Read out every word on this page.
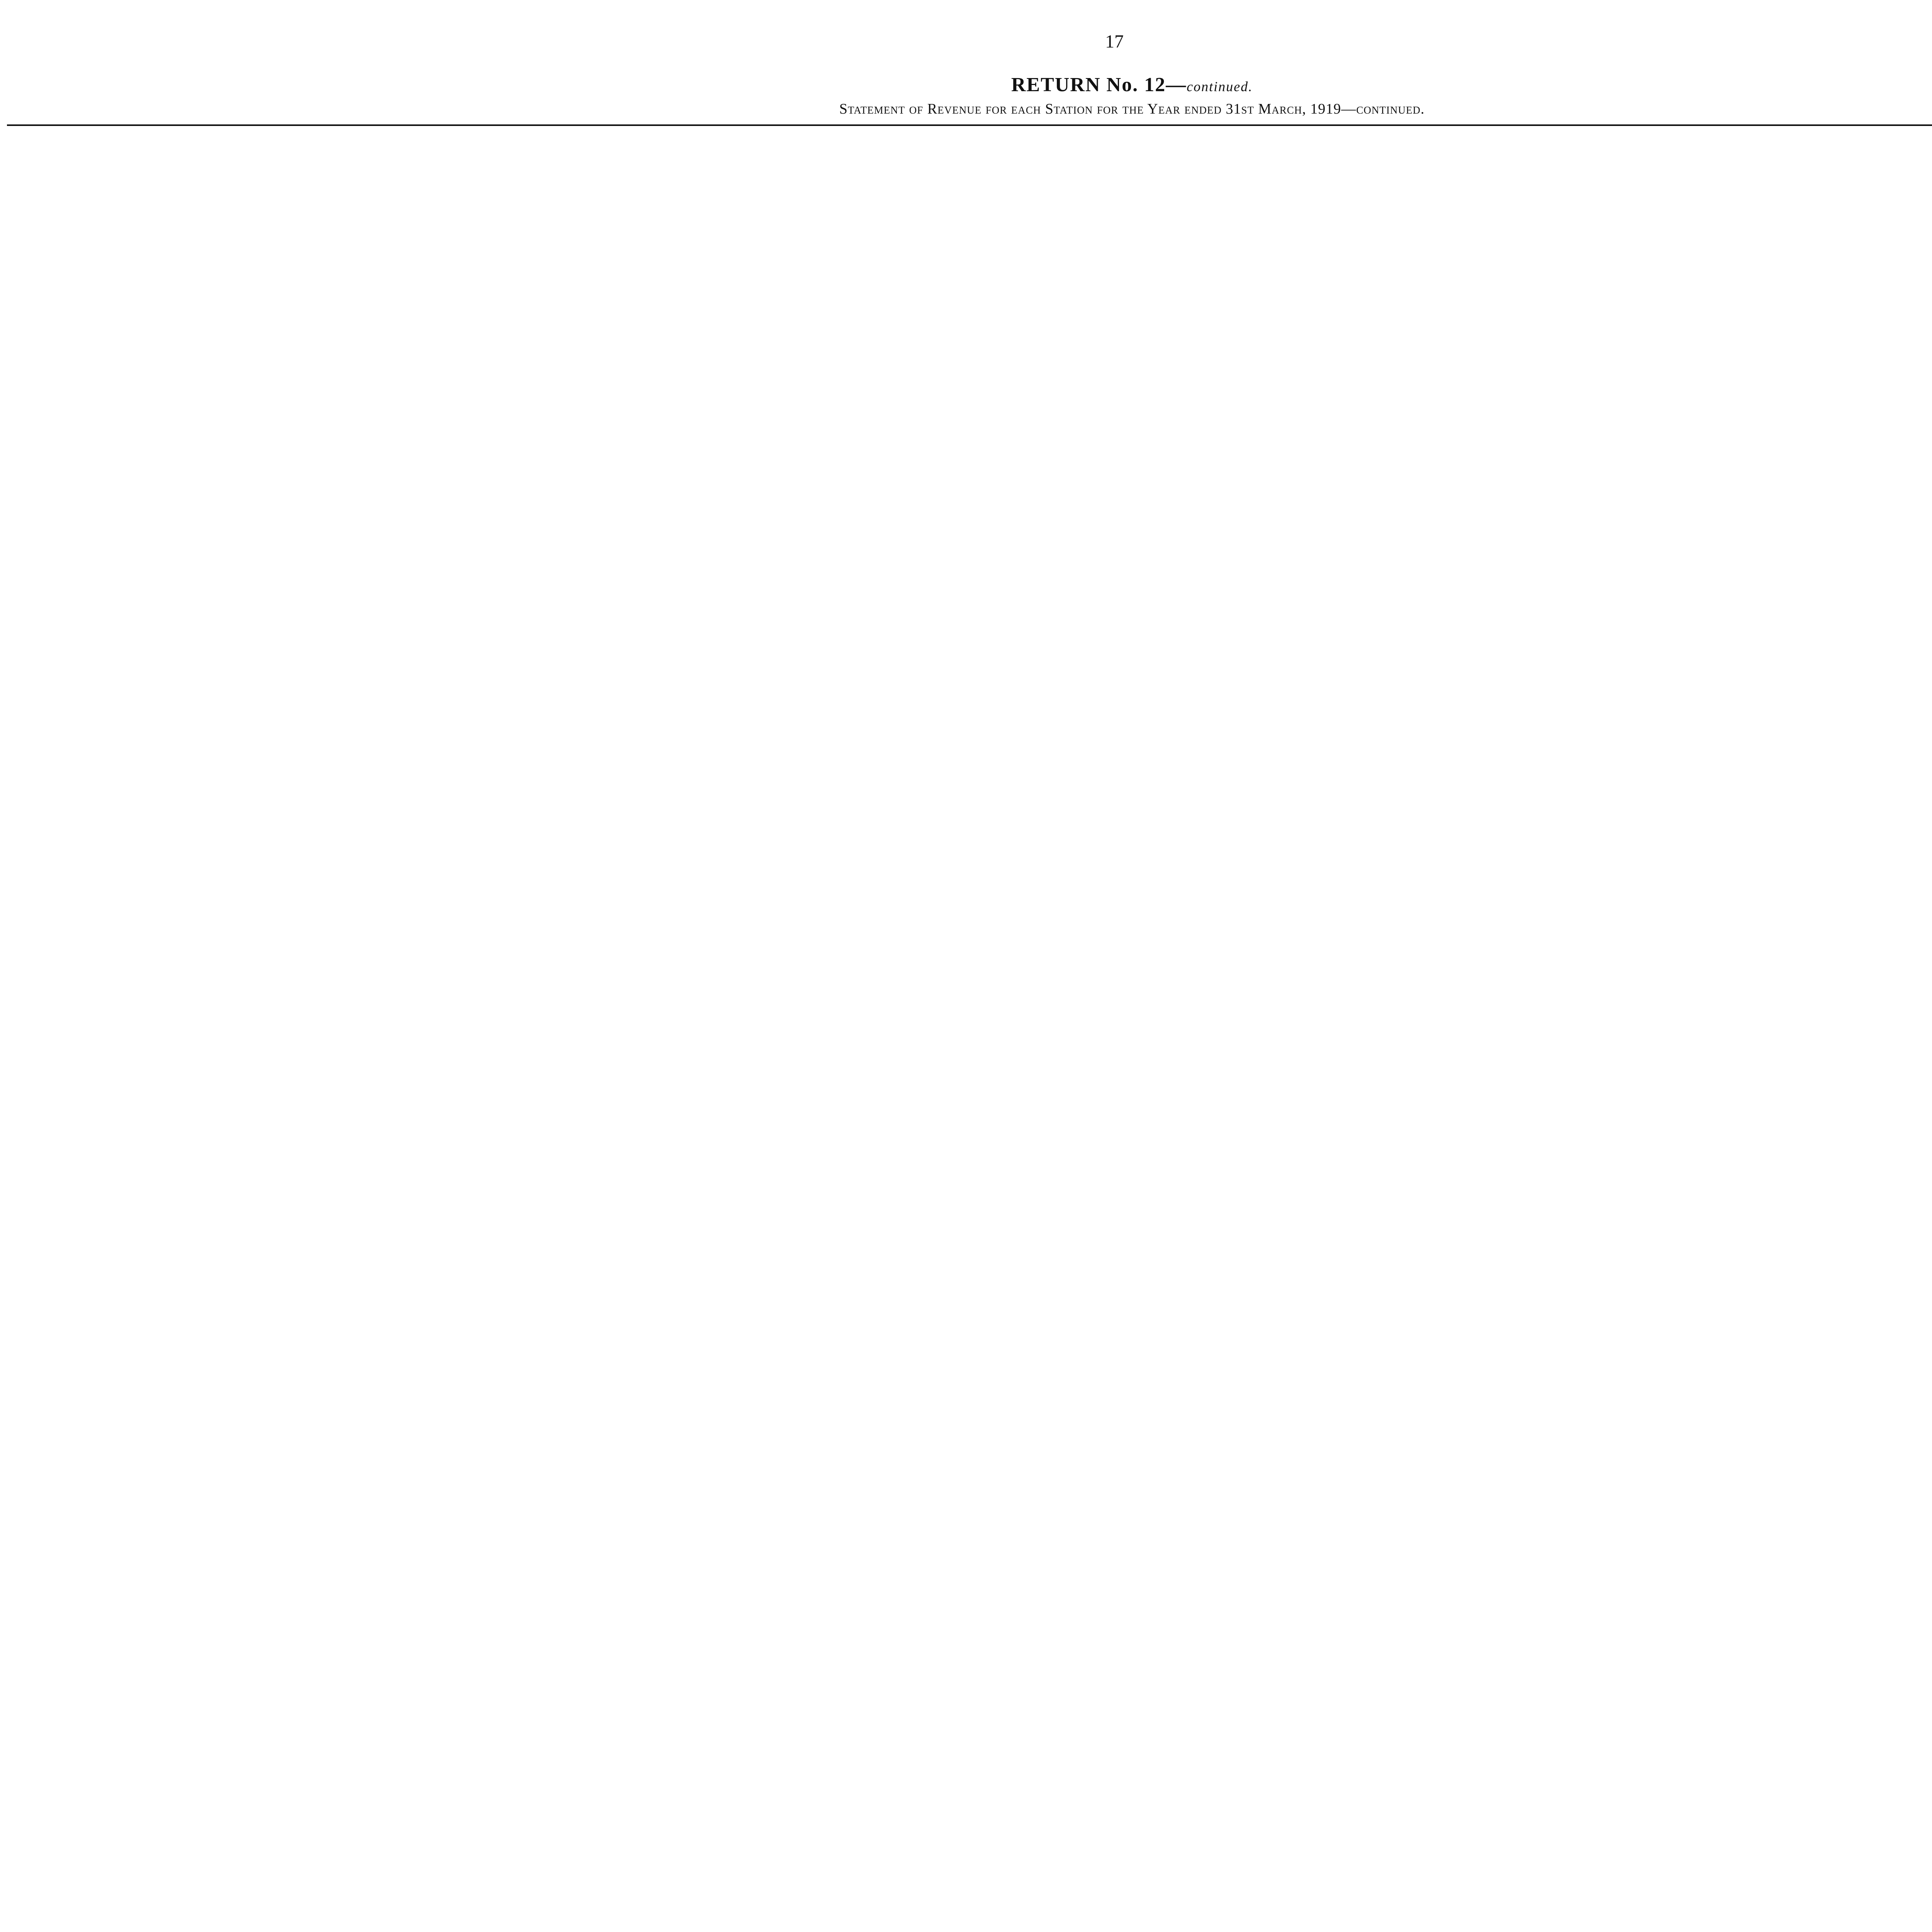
17
RETURN No. 12—continued.
Statement of Revenue for each Station for the Year ended 31st March, 1919—continued.
